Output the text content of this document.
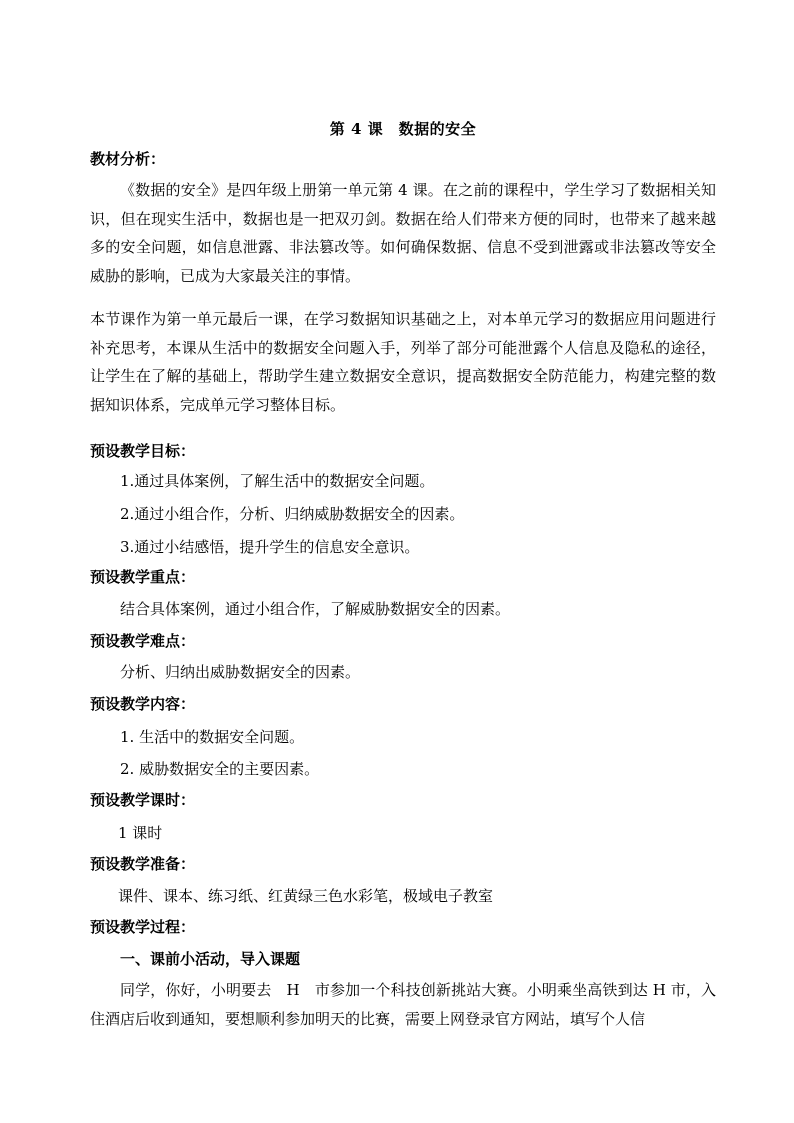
第 4 课　数据的安全
教材分析：
《数据的安全》是四年级上册第一单元第 4 课。在之前的课程中，学生学习了数据相关知识，但在现实生活中，数据也是一把双刃剑。数据在给人们带来方便的同时，也带来了越来越多的安全问题，如信息泄露、非法篡改等。如何确保数据、信息不受到泄露或非法篡改等安全威胁的影响，已成为大家最关注的事情。
本节课作为第一单元最后一课，在学习数据知识基础之上，对本单元学习的数据应用问题进行补充思考，本课从生活中的数据安全问题入手，列举了部分可能泄露个人信息及隐私的途径，让学生在了解的基础上，帮助学生建立数据安全意识，提高数据安全防范能力，构建完整的数据知识体系，完成单元学习整体目标。
预设教学目标：
1.通过具体案例，了解生活中的数据安全问题。
2.通过小组合作，分析、归纳威胁数据安全的因素。
3.通过小结感悟，提升学生的信息安全意识。
预设教学重点：
结合具体案例，通过小组合作，了解威胁数据安全的因素。
预设教学难点：
分析、归纳出威胁数据安全的因素。
预设教学内容：
1. 生活中的数据安全问题。
2. 威胁数据安全的主要因素。
预设教学课时：
1 课时
预设教学准备：
课件、课本、练习纸、红黄绿三色水彩笔，极域电子教室
预设教学过程：
一、课前小活动，导入课题
同学，你好，小明要去　H　市参加一个科技创新挑站大赛。小明乘坐高铁到达 H 市，入住酒店后收到通知，要想顺利参加明天的比赛，需要上网登录官方网站，填写个人信
